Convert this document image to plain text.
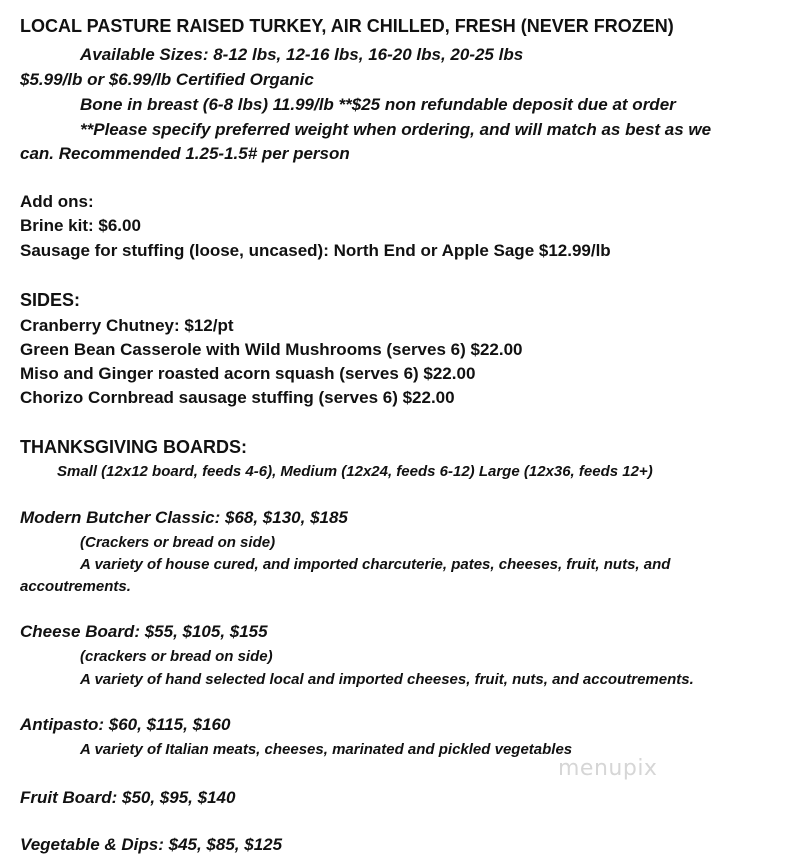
LOCAL PASTURE RAISED TURKEY, AIR CHILLED, FRESH (NEVER FROZEN)
Available Sizes: 8-12 lbs, 12-16 lbs, 16-20 lbs, 20-25 lbs
$5.99/lb or $6.99/lb Certified Organic
Bone in breast (6-8 lbs) 11.99/lb **$25 non refundable deposit due at order
**Please specify preferred weight when ordering, and will match as best as we
can. Recommended 1.25-1.5# per person
Add ons:
Brine kit: $6.00
Sausage for stuffing (loose, uncased): North End or Apple Sage $12.99/lb
SIDES:
Cranberry Chutney: $12/pt
Green Bean Casserole with Wild Mushrooms (serves 6) $22.00
Miso and Ginger roasted acorn squash (serves 6) $22.00
Chorizo Cornbread sausage stuffing (serves 6) $22.00
THANKSGIVING BOARDS:
Small (12x12 board, feeds 4-6), Medium (12x24, feeds 6-12) Large (12x36, feeds 12+)
Modern Butcher Classic: $68, $130, $185
(Crackers or bread on side)
A variety of house cured, and imported charcuterie, pates, cheeses, fruit, nuts, and
accoutrements.
Cheese Board: $55, $105, $155
(crackers or bread on side)
A variety of hand selected local and imported cheeses, fruit, nuts, and accoutrements.
Antipasto: $60, $115, $160
A variety of Italian meats, cheeses, marinated and pickled vegetables
Fruit Board: $50, $95, $140
Vegetable & Dips: $45, $85, $125
menupix
